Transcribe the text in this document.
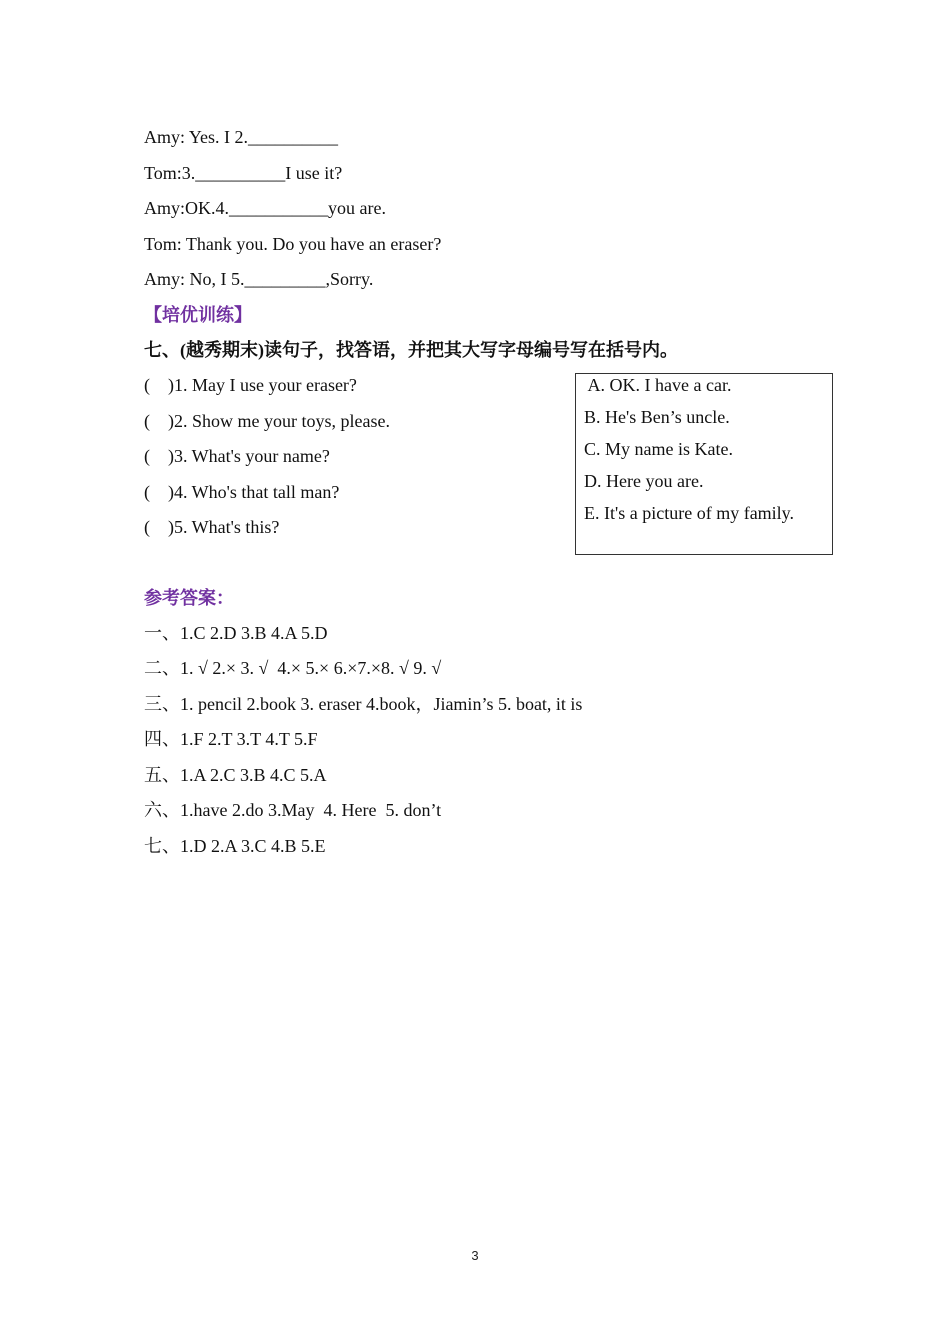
Amy: Yes. I 2.__________
Tom:3.__________I use it?
Amy:OK.4.___________you are.
Tom: Thank you. Do you have an eraser?
Amy: No, I 5._________,Sorry.
【培优训练】
七、(越秀期末)读句子，找答语，并把其大写字母编号写在括号内。
(    )1. May I use your eraser?
(    )2. Show me your toys, please.
(    )3. What's your name?
(    )4. Who's that tall man?
(    )5. What's this?
A. OK. I have a car.
B. He's Ben’s uncle.
C. My name is Kate.
D. Here you are.
E. It's a picture of my family.
参考答案：
一、1.C 2.D 3.B 4.A 5.D
二、1. √ 2.× 3. √  4.× 5.× 6.×7.×8. √ 9. √
三、1. pencil 2.book 3. eraser 4.book，Jiamin’s 5. boat, it is
四、1.F 2.T 3.T 4.T 5.F
五、1.A 2.C 3.B 4.C 5.A
六、1.have 2.do 3.May  4. Here  5. don’t
七、1.D 2.A 3.C 4.B 5.E
3
